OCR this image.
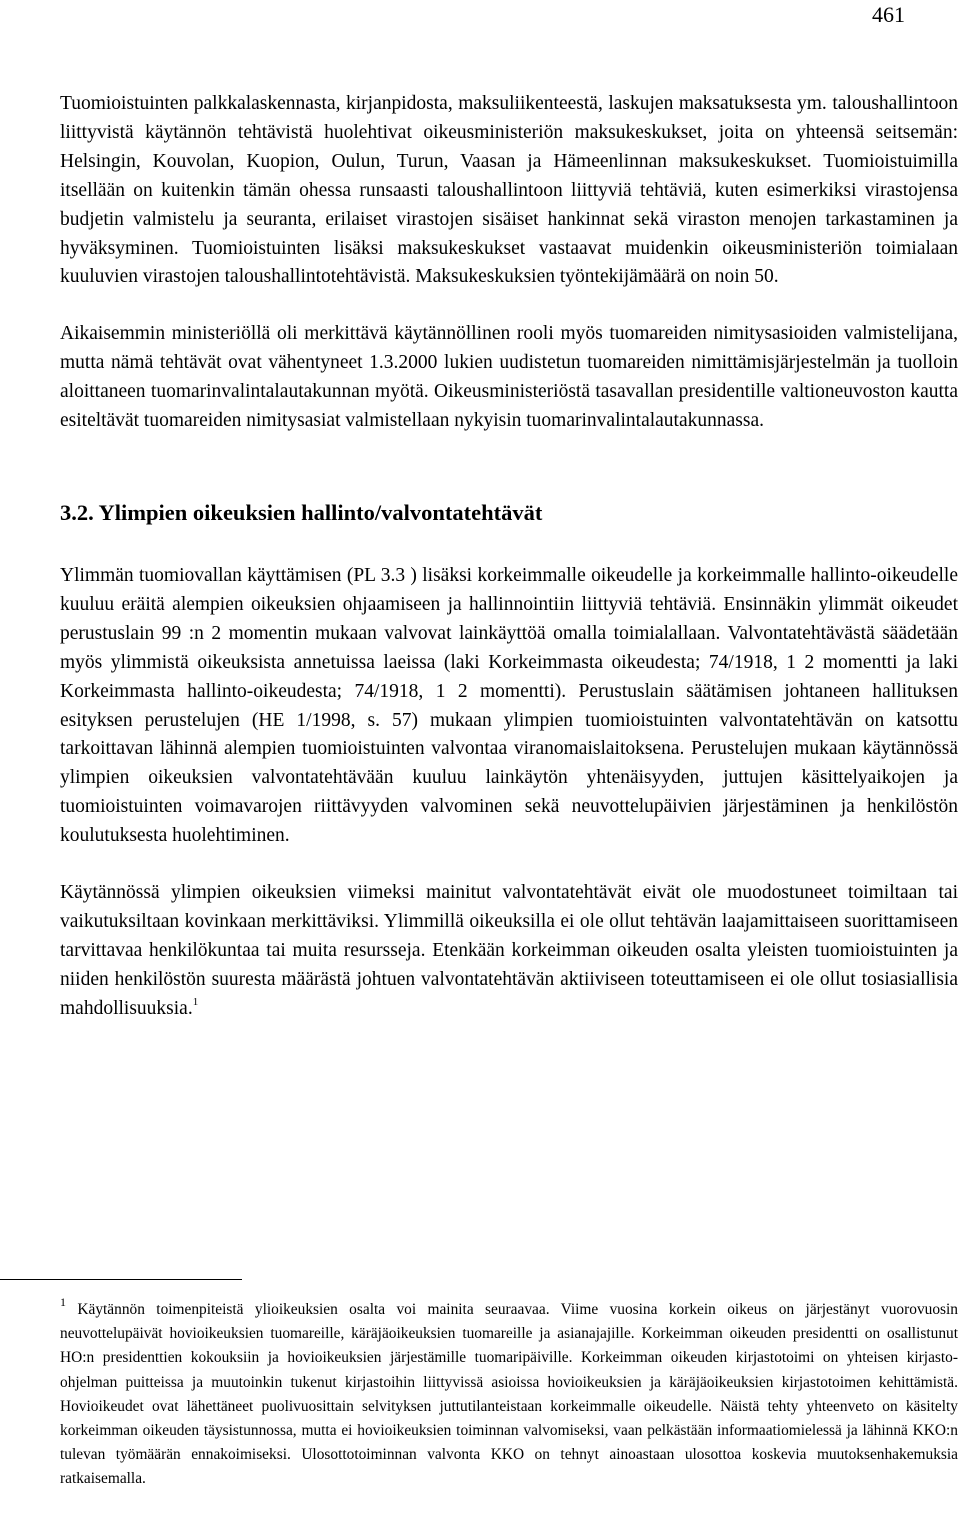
461

Tuomioistuinten palkkalaskennasta, kirjanpidosta, maksuliikenteestä, laskujen maksatuksesta ym. taloushallintoon liittyvistä käytännön tehtävistä huolehtivat oikeusministeriön maksukeskukset, joita on yhteensä seitsemän: Helsingin, Kouvolan, Kuopion, Oulun, Turun, Vaasan ja Hämeenlinnan maksukeskukset. Tuomioistuimilla itsellään on kuitenkin tämän ohessa runsaasti taloushallintoon liittyviä tehtäviä, kuten esimerkiksi virastojensa budjetin valmistelu ja seuranta, erilaiset virastojen sisäiset hankinnat sekä viraston menojen tarkastaminen ja hyväksyminen. Tuomioistuinten lisäksi maksukeskukset vastaavat muidenkin oikeusministeriön toimialaan kuuluvien virastojen taloushallintotehtävistä. Maksukeskuksien työntekijämäärä on noin 50.

Aikaisemmin ministeriöllä oli merkittävä käytännöllinen rooli myös tuomareiden nimitysasioiden valmistelijana, mutta nämä tehtävät ovat vähentyneet 1.3.2000 lukien uudistetun tuomareiden nimittämisjärjestelmän ja tuolloin aloittaneen tuomarinvalintalautakunnan myötä. Oikeusministeriöstä tasavallan presidentille valtioneuvoston kautta esiteltävät tuomareiden nimitysasiat valmistellaan nykyisin tuomarinvalintalautakunnassa.

3.2. Ylimpien oikeuksien hallinto/valvontatehtävät

Ylimmän tuomiovallan käyttämisen (PL 3.3 ) lisäksi korkeimmalle oikeudelle ja korkeimmalle hallinto-oikeudelle kuuluu eräitä alempien oikeuksien ohjaamiseen ja hallinnointiin liittyviä tehtäviä. Ensinnäkin ylimmät oikeudet perustuslain 99 :n 2 momentin mukaan valvovat lainkäyttöä omalla toimialallaan. Valvontatehtävästä säädetään myös ylimmistä oikeuksista annetuissa laeissa (laki Korkeimmasta oikeudesta; 74/1918, 1 2 momentti ja laki Korkeimmasta hallinto-oikeudesta; 74/1918, 1 2 momentti). Perustuslain säätämisen johtaneen hallituksen esityksen perustelujen (HE 1/1998, s. 57) mukaan ylimpien tuomioistuinten valvontatehtävän on katsottu tarkoittavan lähinnä alempien tuomioistuinten valvontaa viranomaislaitoksena. Perustelujen mukaan käytännössä ylimpien oikeuksien valvontatehtävään kuuluu lainkäytön yhtenäisyyden, juttujen käsittelyaikojen ja tuomioistuinten voimavarojen riittävyyden valvominen sekä neuvottelupäivien järjestäminen ja henkilöstön koulutuksesta huolehtiminen.

Käytännössä ylimpien oikeuksien viimeksi mainitut valvontatehtävät eivät ole muodostuneet toimiltaan tai vaikutuksiltaan kovinkaan merkittäviksi. Ylimmillä oikeuksilla ei ole ollut tehtävän laajamittaiseen suorittamiseen tarvittavaa henkilökuntaa tai muita resursseja. Etenkään korkeimman oikeuden osalta yleisten tuomioistuinten ja niiden henkilöstön suuresta määrästä johtuen valvontatehtävän aktiiviseen toteuttamiseen ei ole ollut tosiasiallisia mahdollisuuksia.$^1$

$^1$ Käytännön toimenpiteistä ylioikeuksien osalta voi mainita seuraavaa. Viime vuosina korkein oikeus on järjestänyt vuorovuosin neuvottelupäivät hovioikeuksien tuomareille, käräjäoikeuksien tuomareille ja asianajajille. Korkeimman oikeuden presidentti on osallistunut HO:n presidenttien kokouksiin ja hovioikeuksien järjestämille tuomaripäiville. Korkeimman oikeuden kirjastotoimi on yhteisen kirjasto-ohjelman puitteissa ja muutoinkin tukenut kirjastoihin liittyvissä asioissa hovioikeuksien ja käräjäoikeuksien kirjastotoimen kehittämistä. Hovioikeudet ovat lähettäneet puolivuosittain selvityksen juttutilanteistaan korkeimmalle oikeudelle. Näistä tehty yhteenveto on käsitelty korkeimman oikeuden täysistunnossa, mutta ei hovioikeuksien toiminnan valvomiseksi, vaan pelkästään informaatiomielessä ja lähinnä KKO:n tulevan työmäärän ennakoimiseksi. Ulosottotoiminnan valvonta KKO on tehnyt ainoastaan ulosottoa koskevia muutoksenhakemuksia ratkaisemalla.
